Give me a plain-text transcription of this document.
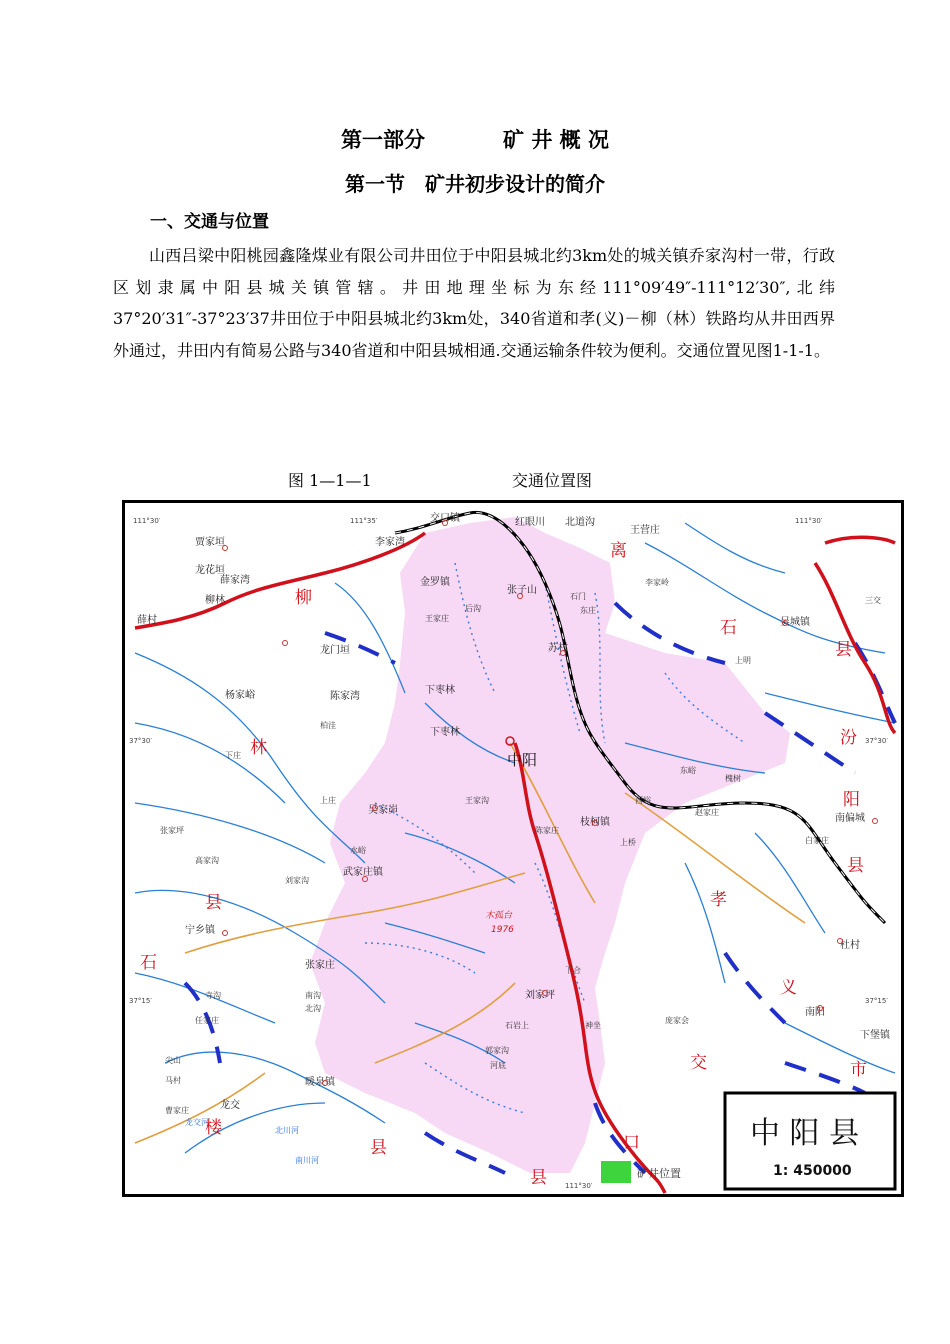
第一部分	矿 井 概 况
第一节 矿井初步设计的简介
一、交通与位置
山西吕梁中阳桃园鑫隆煤业有限公司井田位于中阳县城北约3km处的城关镇乔家沟村一带，行政区划隶属中阳县城关镇管辖。井田地理坐标为东经111°09′49″-111°12′30″,北纬37°20′31″-37°23′37井田位于中阳县城北约3km处，340省道和孝(义)－柳（林）铁路均从井田西界外通过，井田内有简易公路与340省道和中阳县城相通.交通运输条件较为便利。交通位置见图1-1-1。
图 1—1—1	交通位置图
111°30′	111°35′	111°30′
37°30′	37°30′
37°15′	37°15′
111°30′
离
石
县
柳
林
县
石
楼
县
汾
阳
县
孝
义
市
交
口
县
中阳
木孤台
1976
龙交河
南川河
北川河
交口镇	红眼川 北道沟
王营庄
李家湾
金罗镇
张子山
苏村
吴城镇
薛村
龙花垣
柳林
龙门垣
陈家湾
杨家峪
下枣林
暖泉镇
武家庄镇
吴家峁
枝柯镇
刘家坪
张家庄
龙交
南偏城
杜村
南阳
下堡镇
下枣林
贾家垣
薛家湾
宁乡镇
后沟
石门
东庄
王家庄
李家岭
上庄
下庄
东峪
西峪
南沟
北沟
高家沟
刘家沟
张家坪
任家庄
马村
寺沟
神坐
下合
尖山
三交
上明
槐树
赵家庄
郭家沟
王家沟
石岩上
白家庄
水峪
上桥
曹家庄
柏洼
陈家庄
河底
庞家会
中 阳 县
1: 450000
矿井位置
